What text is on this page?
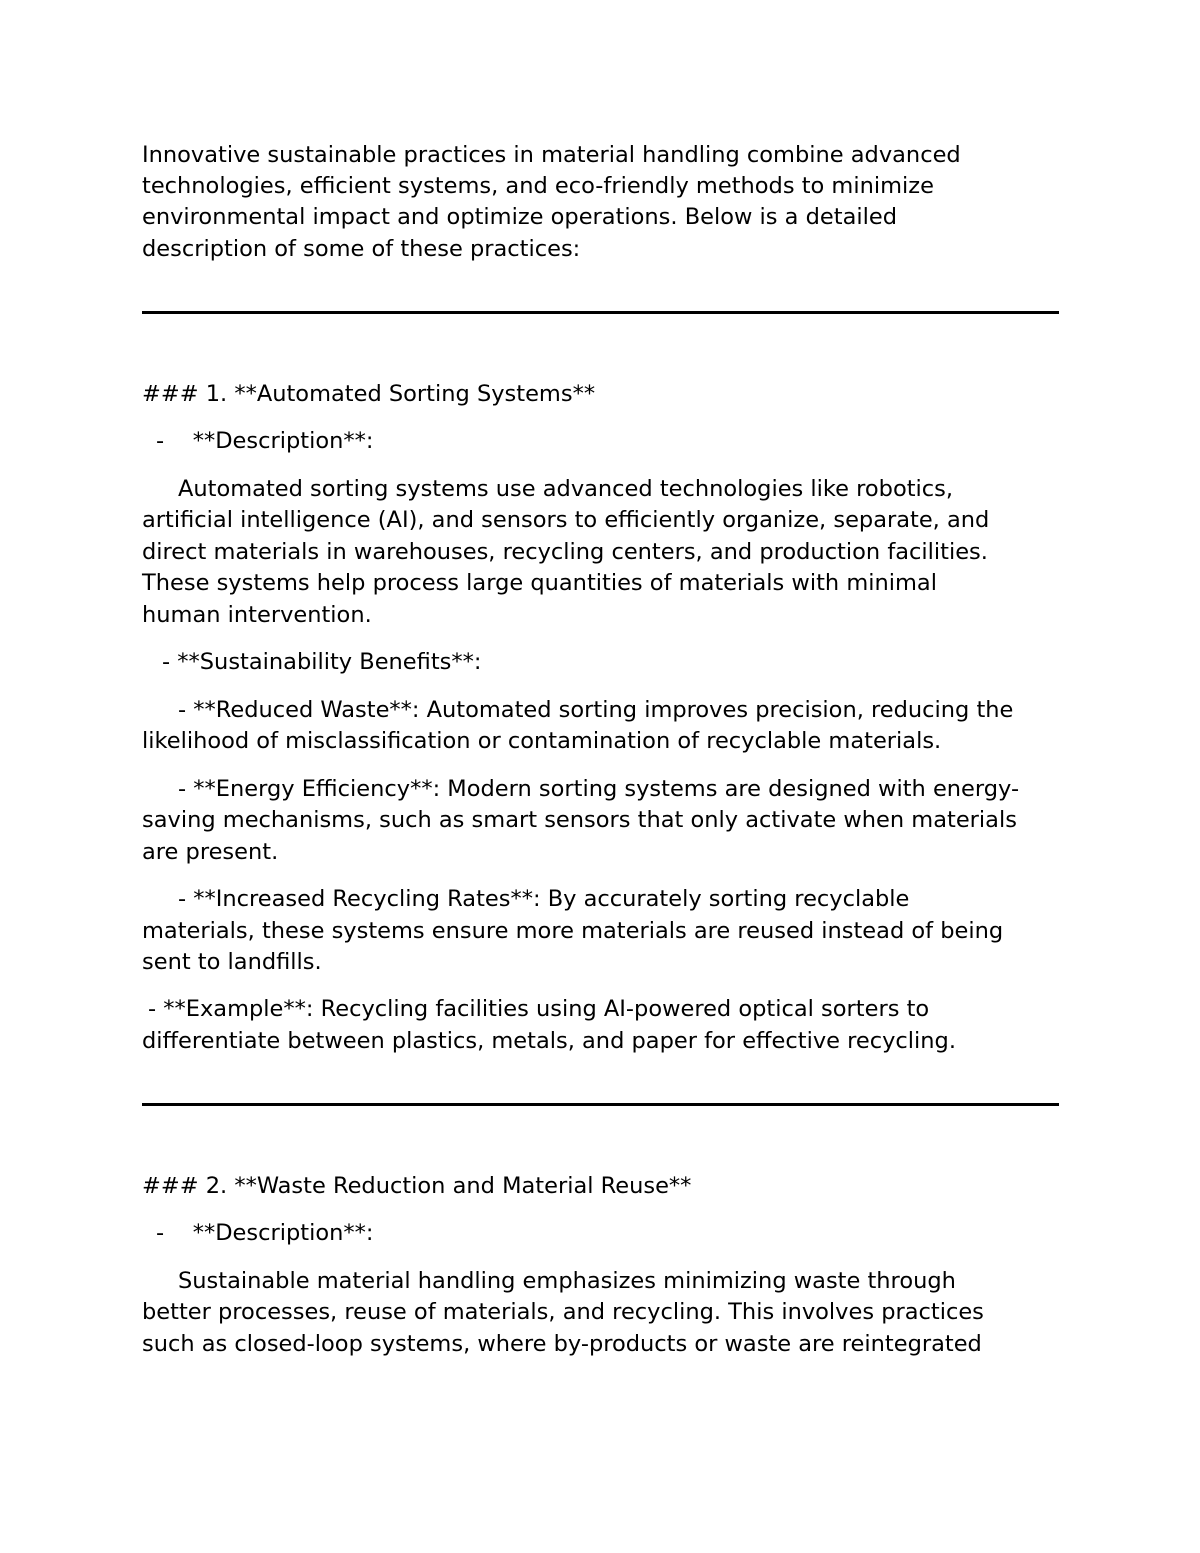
Innovative sustainable practices in material handling combine advanced

technologies, efficient systems, and eco-friendly methods to minimize

environmental impact and optimize operations. Below is a detailed

description of some of these practices:

### 1. **Automated Sorting Systems**

-    **Description**:

Automated sorting systems use advanced technologies like robotics,

artificial intelligence (AI), and sensors to efficiently organize, separate, and

direct materials in warehouses, recycling centers, and production facilities.

These systems help process large quantities of materials with minimal

human intervention.

- **Sustainability Benefits**:

- **Reduced Waste**: Automated sorting improves precision, reducing the

likelihood of misclassification or contamination of recyclable materials.

- **Energy Efficiency**: Modern sorting systems are designed with energy-

saving mechanisms, such as smart sensors that only activate when materials

are present.

- **Increased Recycling Rates**: By accurately sorting recyclable

materials, these systems ensure more materials are reused instead of being

sent to landfills.

- **Example**: Recycling facilities using AI-powered optical sorters to

differentiate between plastics, metals, and paper for effective recycling.

### 2. **Waste Reduction and Material Reuse**

-    **Description**:

Sustainable material handling emphasizes minimizing waste through

better processes, reuse of materials, and recycling. This involves practices

such as closed-loop systems, where by-products or waste are reintegrated
